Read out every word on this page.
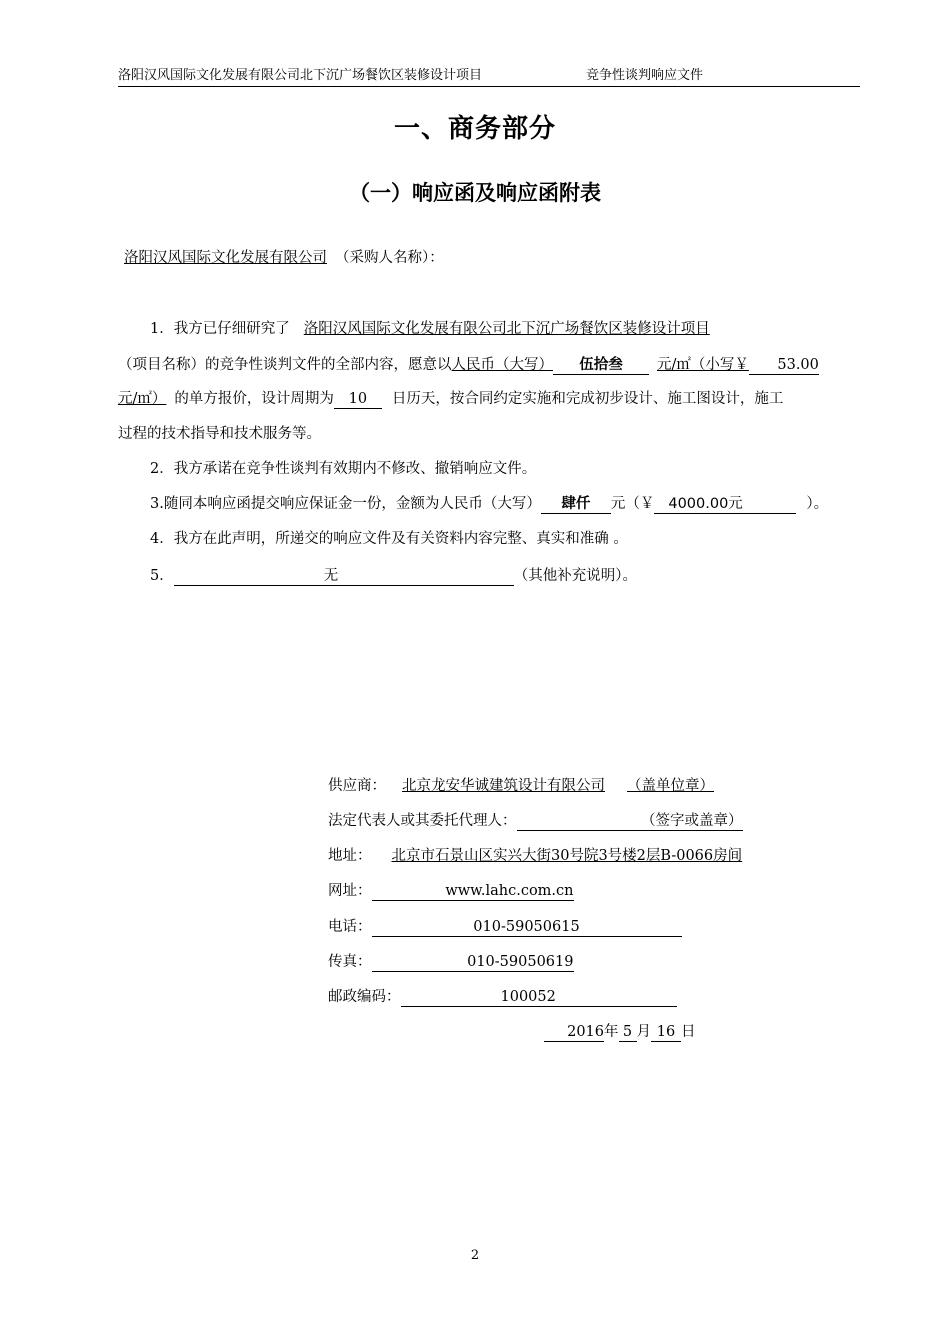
洛阳汉风国际文化发展有限公司北下沉广场餐饮区装修设计项目	竞争性谈判响应文件
一、商务部分
（一）响应函及响应函附表
洛阳汉风国际文化发展有限公司 （采购人名称）：
1．我方已仔细研究了 洛阳汉风国际文化发展有限公司北下沉广场餐饮区装修设计项目
（项目名称）的竞争性谈判文件的全部内容，愿意以人民币（大写） 伍拾叁 元/㎡（小写￥ 53.00
元/㎡） 的单方报价，设计周期为 10 日历天，按合同约定实施和完成初步设计、施工图设计，施工
过程的技术指导和技术服务等。
2．我方承诺在竞争性谈判有效期内不修改、撤销响应文件。
3.随同本响应函提交响应保证金一份，金额为人民币（大写） 肆仟 元（￥ 4000.00元	）。
4．我方在此声明，所递交的响应文件及有关资料内容完整、真实和准确 。
5．	无	（其他补充说明）。
供应商： 北京龙安华诚建筑设计有限公司 （盖单位章）
法定代表人或其委托代理人：	（签字或盖章）
地址： 北京市石景山区实兴大街30号院3号楼2层B-0066房间
网址：	www.lahc.com.cn
电话：	010-59050615
传真：	010-59050619
邮政编码：	100052
2016年 5 月 16 日
2
